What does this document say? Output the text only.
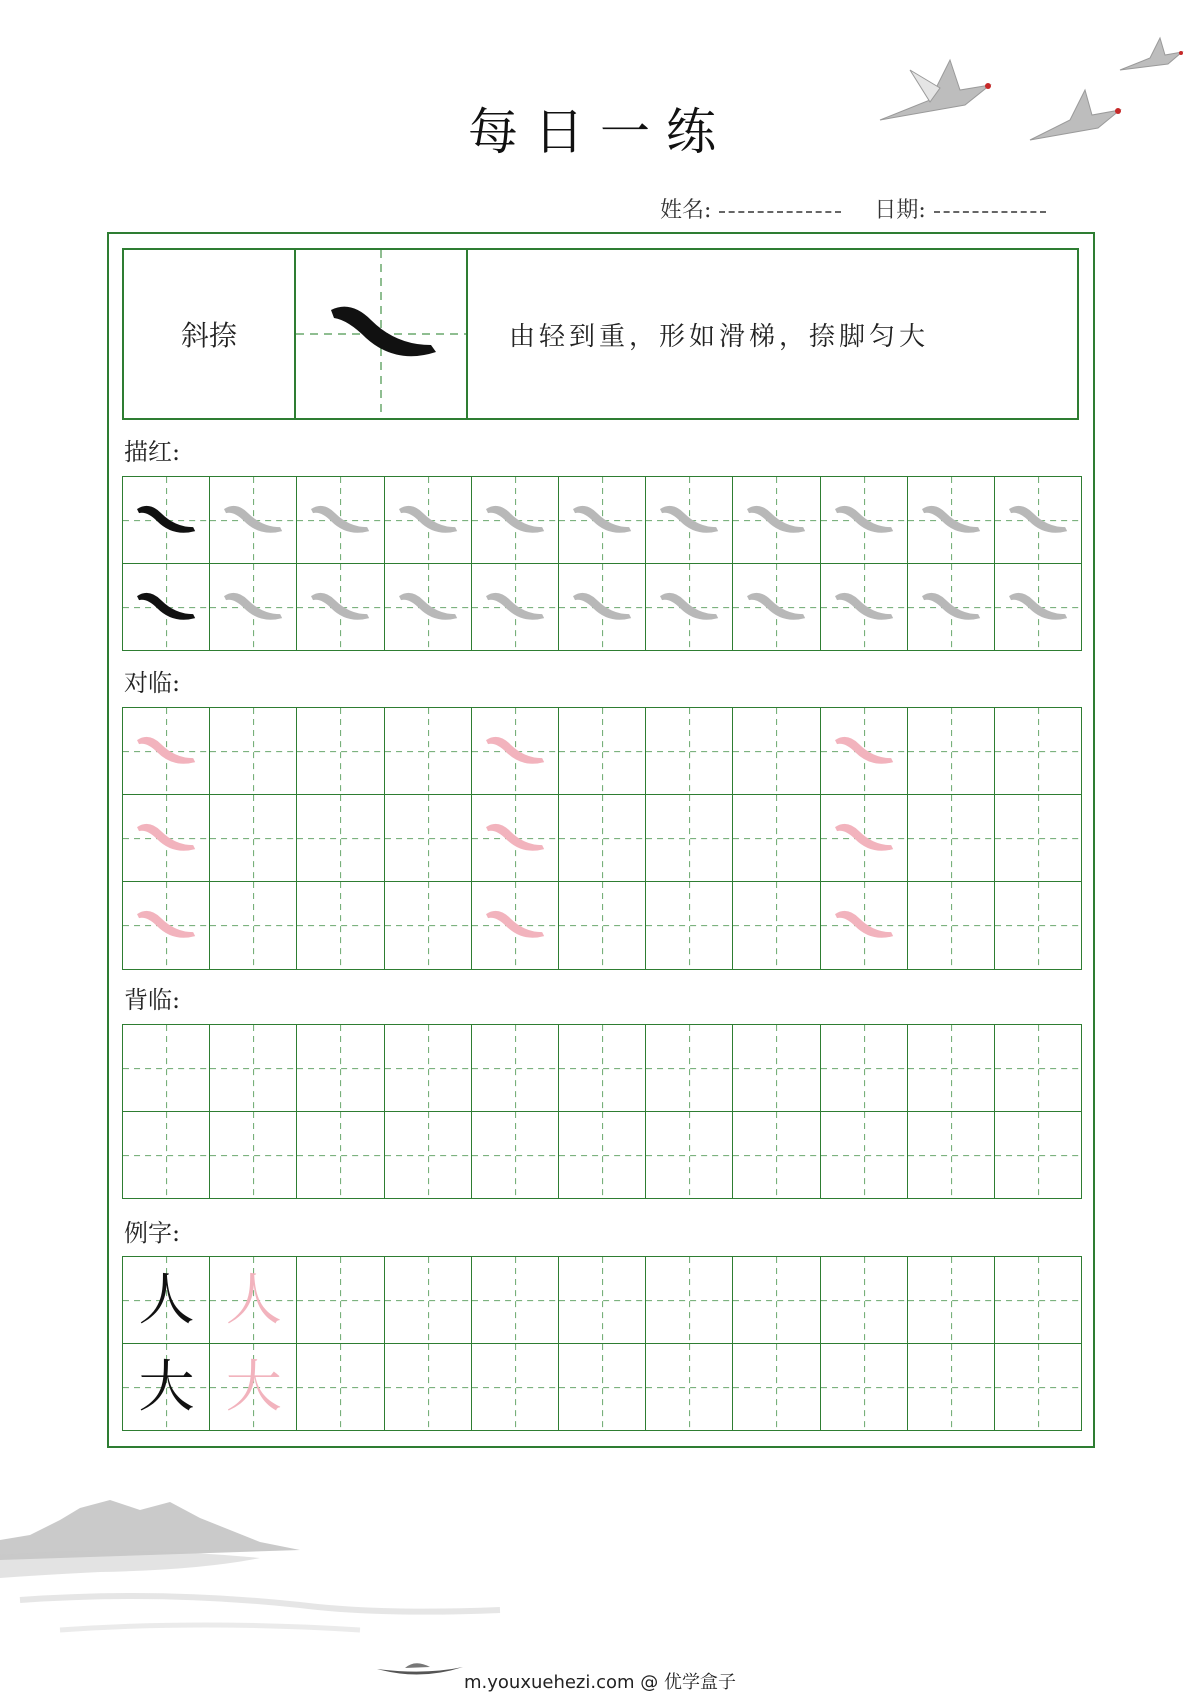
每日一练
姓名:	日期:
斜捺	由轻到重，形如滑梯，捺脚匀大
描红:
对临:
背临:
例字:
人 人
大 大
m.youxuehezi.com @ 优学盒子
